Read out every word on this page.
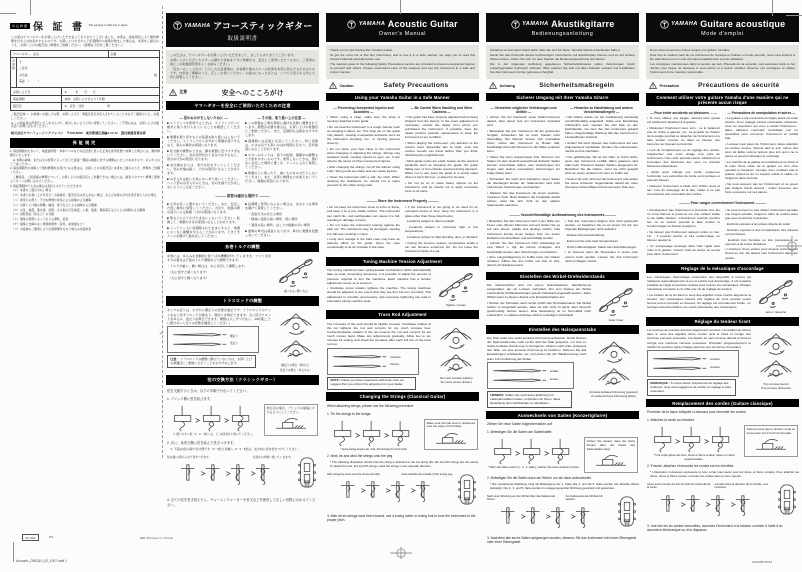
持込修理 保 証 書 This warranty is valid only in Japan.

この度はヤマハギターをお買い上げいただきましてありがとうございました。本書は、保証規定により無料修理を行なうお約束をするものです。お買い上げの日から下記期間中に故障が発生した場合は、本書をご提示のうえ、お買い上げの販売店に修理をご依頼ください。（詳細は下記をご覧ください。）

ヤマハギター　品名	品番
お客様	〒
ご住所
お名前	様
電話　（　　　）
お買い上げ日	※　　　年　　月　　日
保証期間	本体：お買い上げ日より１年間
販売店	※　店名・住所　　　　　　　　㊞

ご販売店様へ：お客様へお渡しする際、お買い上げ日・貴販売店名が記入されていることを必ずご確認のうえ、お渡しください。

※ この保証書は再発行いたしませんので、紛失しないよう大切に保管してください。ご不明の点は、お買い上げの販売店へお問い合わせください。

株式会社ヤマハミュージックジャパン　〒108-8568　東京都港区高輪2-17-11　国内楽器営業本部

保証規定

1. 保証期間内において、取扱説明書・本体ラベルなどの注意書に従った正常な使用状態で故障した場合には、無料修理をいたします。

　※ 本器の故障、またはその使用によって生じた直接・間接の損害に対する補償はいたしかねますので、あらかじめご了承ください。

2. 保証期間内に故障して無料修理をお受けになる場合は、お買い上げの販売店に本書をご提示のうえ、修理をご依頼ください。

　ご贈答品、ご転居後の修理について、お買い上げの販売店にご依頼できない場合には、最寄りのヤマハ修理ご相談センターへお問い合わせください。

3. 保証期間内でも次の場合は有料とさせていただきます。

　（イ）本書のご提示がない場合

　（ロ）本書にお買い上げ年月日・お客様名・販売店名の記入がない場合、および本書の字句を書き替えられた場合

　（ハ）使用上の誤り、不当な修理や改造による故障および損傷

　（ニ）お買い上げ後の移動、輸送、落下などによる故障および損傷

　（ホ）火災、地震、風水害、落雷、その他の天災地変、公害、塩害、異常電圧などによる故障および損傷

　（ヘ）消耗部品（弦など）の交換

　（ト）通常の使用によって生じる摩耗、変色

　（チ）演奏に支障のない感覚的現象（音色、塗装面など）

　（リ）お客様のご要望により出張修理を行なう場合の出張料金

YAMAHA アコースティックギター
取扱説明書

このたびは、ヤマハギターをお買い上げいただきまして、まことにありがとうございます。

お買い上げいただいたギターの優れた性能を十分に発揮させ、安全にご使用いただくために、ご使用の前にこの取扱説明書をよくお読みください。

「安全へのこころがけ」に示した注意事項は、お客様や他の人々への危害を未然に防止するためのものです。内容をご理解のうえ、正しくお使いください。お読みになったあとは、いつでも見られる所に大切に保管してください。

注意	安全へのこころがけ
ヤマハギターを安全にご使用いただくための注意
— 思わぬけがをしないために —

■ ストラップを使用するときは、ストラップピンに確実に取り付けられていることを確認してください。

■ 楽器を振り回すなどの乱暴な取り扱いはしないでください。ストラップピンが外れて楽器が落下するなど、思わぬ事故の原因になります。

■ 弦交換や調整のときは、顔を楽器に近づけすぎないでください。弦が突然切れて目をけがするなど、思わぬけがの原因になります。

■ 弦交換のあとは、余分な弦をカットしてください。弦の先端は鋭く、けがの原因になることがあります。

■ お手入れは乾いた柔らかい布で拭いてください。ヘッド部のお手入れのときは、弦の先端でけがをしないようにご注意ください。

— その他、取り扱い上の注意 —

■ この楽器は工場出荷時に適切な状態に調整されています。調整が必要な場合は、お買い上げの楽器店にご相談ください。また、定期的な点検をおすすめします。

■ 演奏時には音量に注意してください。特に夜間は、小さな音でも思いのほか周囲に伝わり、近所迷惑になることがあります。

■ ギターのネックは、落下や転倒、運搬中の衝撃などで折れやすいものです。使用しないときは、倒れない安定した場所に置くか、ケースに入れて保管してください。

■ 楽器の上に乗ったり、重いものをのせたりしないでください。また、各部に無理な力を加えないでください。破損の原因になります。

——— 保管は適切な場所で ———

■ 火気の近くに置かないでください。また、安定した低い場所に保管してください。火災や、地震の際の落下による破損・けがの原因になります。

■ 壁などに立てかけたままにしないでください。転倒して、破損やけがの原因になることがあります。

■ ハードケースに長期間入れたままにすると、楽器によくない影響を与えることがあります。ときどきケースを開けて換気をしてください。

■ 長期間ご使用にならない場合は、次のような場所を避けて保管してください。

　・直射日光のあたる場所

　・極端に温度の高い場所、低い場所

　・湿度の高い場所、ほこりや振動の多い場所

■ 夏場の車内は高温になります。車内に楽器を放置しないでください。

糸巻トルクの調整

糸巻には、ゆるみを自動的に防ぐばね機構が付いていますが、ツマミを回す力の強さは下図のトルク調整ねじで調整できます。

・トルクが重い、軽い場合は、ねじを回して調整します。

　（右に回すと重くなります）

　（左に回すと軽くなります）

重くなる / 軽くなる
トラスロッドの調整

ネックの反りは、わずかに順反りの状態が適正です。トラスロッドのナットを右に回すとロッドが締まり、順反りを修正できます。左に回すとロッドがゆるみ、逆反りを修正できます。調整は少しずつ行ない、1/4回転ごとに数分おいて反りの状態を確認してください。

順反り
逆反り
注意： トラスロッドの調整に慣れていない方は、お買い上げの楽器店にご相談いただくことをおすすめします。
順反りの場合（締める）
逆反りの場合（ゆるめる）
弦の交換方法（クラシックギター）

弦を交換するときは、以下の手順で行なってください。

1. ブリッジ側に弦を結びます。

＊ 滑りやすい弦（1・2・3弦）は、もう1回余分に巻いてください。

結び目の端が、ブリッジの後端にかかるようにしてください。

2. 次に、糸巻き側に弦を結んで巻きつけます。

＊ 下図は1弦の取り付け例です（4・6弦も同様）。2・3・5弦は、逆方向に弦を巻きつけてください。

弦の端に1回からめて巻きつけます。	糸巻きの外側へ巻いていきます。

4. 全ての弦を巻き終えたら、チューニングメーターや音叉などを使用して正しい音程に合わせてください。

YAMAHA Acoustic Guitar
Owner's Manual

Thank you for purchasing this Yamaha Guitar.

To get the most out of this fine instrument, and to use it in a safe manner, we urge you to read this Owner's Manual carefully before use.

The cautions given in the following Safety Precautions section are provided to prevent unexpected injuries to yourself and others. Please understand each of the cautions and use the instrument in a safe and proper manner.

Caution	Safety Precautions
Using your Yamaha Guitar in a Safe Manner
— Preventing Unexpected Injuries and Accidents —

• When using a strap, make sure the strap is securely attached to the guitar.

• Do not treat the instrument in a rough manner such as swinging it about, etc. The strap pin on the guitar may detach, causing unexpected accidents such as the instrument dropping, etc., or injuring persons close by.

• Do not place your face close to the instrument when changing or adjusting the strings. Strings may suddenly break, causing injuries to eyes, etc. It can also be the cause of other unexpected injuries.

• After changing the strings, cut off the leftover string ends. String ends are sharp and can cause injuries.

• Clean the instrument with a soft, dry cloth. When cleaning the headstock, be careful not to injure yourself on the sharp string ends.

— Be Careful When Handling and Other Cautions —

• The guitar has been properly adjusted before being shipped from the factory. In the event adjustment is necessary, contact the dealer from whom you purchased the instrument. If possible, have the dealer perform periodic maintenance to keep the instrument in top condition.

• When playing the instrument, pay attention to the volume level. Especially late at night, even low volume sounds can travel farther than you think, disturbing the neighborhood.

• Most guitar necks are easily broken as the result of accidents such as dropping the guitar, the guitar falling over, or from shocks received during transport. When not in use, keep the guitar in a sturdy stand where it won't fall over, or placed in its case.

• Do not sit on or place heavy objects on the instrument, and be careful not to apply excessive force to its parts.

——— Store the Instrument Properly ———

• Do not keep the instrument close to a fire or flame, and keep it on a low, stable surface. The instrument can catch fire, and earthquakes can cause it to fall, resulting in damage or injury.

• Do not leave the instrument leaning against the wall, etc. The instrument may be damaged, causing it to fall over resulting in injury.

• Long term storage in the hard case may have an adverse effect on the guitar. Open the case occasionally to let air circulate in the case.

• If the instrument is not going to be used for an extended period of time, keep the instrument in a place other than those listed below:

· Locations subject to direct sunlight

· Locations subject to extremely high or low temperatures

· Locations subject to high humidity, dust, or vibration

• During the summer season, temperature inside a car can become extremely hot. Do not leave the instrument inside of a car.

Tuning Machine Tension Adjustment

The tuning machines have spring-loaded mechanisms which automatically take up wear, preventing looseness. It is possible to adjust the amount of pressure required to turn the machines. Each machine has a tension adjustment screw, as is common.

• Clockwise screw rotation tightens the machine. The tuning machines should be adjusted to the extent that they are firm but turn smoothly. This adjustment is normally unnecessary, and excessive tightening can lead to premature tuning machine wear.

Tighten / Loosen
Truss Rod Adjustment

The curvature of the neck should be slightly concave. Clockwise rotation of the nut tightens the rod and corrects for too much concave bow. Counterclockwise rotation of the nut loosens the rod and corrects for too much convex bend. Make any adjustments gradually. Allow two to ten minutes for setting, and check the curvature after each 1/4 turn of the truss rod nut.

Concave
Convex
NOTE: Unless you have experience with truss rods, we suggest that you entrust this adjustment to your dealer.
Too much concave (tighten)
Too much convex (loosen)
Changing the Strings (Classical Guitar)

When attaching strings, please use the following procedure.

1. Tie the strings to the bridge.

* Extra string wraps (1st, 2nd, 3rd strings) for extra hold.

Make sure the last knot is positioned over the edge of the bridge.

2. Next, tie and wind the strings onto the peg.

* The following illustration shows how the string is attached to the 1st string (the 4th and 6th strings are the same). To attach the 2nd, 3rd and 5th strings, wind the strings in the opposite direction.

After wrapping once over the string end side,	wrap towards the outside of the tuning peg.

3. After all six strings have been wound, use a tuning meter or tuning fork to tune the instrument to the proper pitch.

YAMAHA Akustikgitarre
Bedienungsanleitung

Zunächst einmal vielen Dank dafür, dass Sie sich für diese Yamaha Gitarre entschieden haben.

Damit Sie das Potenzial dieses hochwertigen Instruments voll ausschöpfen können und es auf sichere Weise nutzen, sollten Sie sich vor dem Spielen die Bedienungsanleitung durchlesen.

Die in der folgenden Auflistung gegebenen Sicherheitshinweise sollen Verletzungen durch unsachgemäßen Gebrauch verhüten. Bitte machen Sie sich mit allen Punkten vertraut und handhaben Sie das Instrument mit der gebotenen Sorgfalt.

Achtung	Sicherheitsmaßregeln
Sicherer Umgang mit Ihrer Yamaha Gitarre
— Vermeiden möglicher Verletzungen und Unfälle —

• Achten Sie bei Gebrauch eines Gitarrenriemens darauf, dass dieser fest am Instrument verankert wird.

• Behandeln Sie das Instrument mit der gebotenen Sorgfalt, schwenken Sie es beim Spielen nicht übermäßig. Der Riemen könnte sich unerwartet lösen, wobei das Instrument zu Boden fällt, beschädigt wird oder Personen in der Nähe verletzen kann.

• Halten Sie beim Auswechseln bzw. Stimmen von Saiten mit dem Gesicht ausreichend Abstand. Saiten können unvermittelt reißen, was Verletzungen der Augen oder andere unerwartete Verletzungen zur Folge haben kann.

• Schneiden Sie nach dem Aufziehen neuer Saiten die überlangen Enden ab. Saitenenden sind spitz und können Verletzungen verursachen.

• Säubern Sie das Instrument mit einem weichen, trockenen Tuch. Beim Säubern der Kopfplatte darauf achten, dass Sie sich nicht an den spitzen Saitenenden verletzen.

— Hinweise zu Handhabung und andere Vorsichtsmaßregeln —

• Die Gitarre wurde vor der Auslieferung werkseitig vorschriftsmäßig eingestellt. Sollte eine Einstellung erforderlich sein, wenden Sie sich bitte an den Fachhändler, bei dem Sie das Instrument gekauft haben. Regelmäßige Wartung hält das Instrument in einwandfreiem Zustand.

• Achten Sie beim Spielen des Instruments auf eine angemessene Lautstärke. Denken Sie insbesondere nachts an Ihre Nachbarn.

• Der gefährdetste Teil ist der Hals: er bricht leicht, wenn das Instrument umfällt, fallen gelassen wird oder beim Transport starken Stößen ausgesetzt ist. Bewahren Sie die Gitarre, wenn sie nicht gespielt wird, an einem sicheren Ort oder im Koffer auf.

• Setzen Sie sich nicht auf das Instrument und stellen Sie keine schweren Gegenstände darauf ab; üben Sie keinen übermäßigen Druck auf seine Teile aus.

——— Vorschriftsmäßige Aufbewahrung des Instruments ———

• Bewahren Sie das Instrument nicht in der Nähe von Feuer oder offenen Flammen auf und stellen Sie es auf eine ebene, stabile und niedrige Fläche. Das Instrument könnte Feuer fangen bzw. bei einem Erdbeben herunterfallen und beschädigt werden.

• Lehnen Sie das Instrument nicht unbefestigt an eine Wand o. dgl. Es könnte umkippen und beschädigt werden oder Verletzungen verursachen.

• Eine Langzeitlagerung im Koffer kann der Gitarre schaden. Öffnen Sie den Koffer von Zeit zu Zeit, damit Luft zirkulieren kann.

• Soll das Instrument längere Zeit nicht gebraucht werden, so bewahren Sie es an einem Ort auf, der folgende Bedingungen nicht aufweist:

· Direkte Sonnenbestrahlung

· Extrem hohe oder tiefe Temperaturen

· Hohe Luftfeuchtigkeit, Staub oder Erschütterungen

• Im Sommer kann die Temperatur in einem Auto extrem hoch werden. Lassen Sie das Instrument nicht im Wagen zurück.

Einstellen des Wirbel-Drehwiderstands

Die Gitarrenwirbel sind mit einem federbelasteten Mechanismus ausgestattet, der ein Lockern verhindert. Der zum Drehen der Wirbel erforderliche Kraftaufwand kann jedoch individuell eingestellt werden. Jeder Wirbel weist zu diesem Zweck eine Einstellschraube auf.

• Drehen der Schraube nach rechts erhöht den Drehwiderstand. Die Wirbel sollten so eingestellt werden, dass sie sich nicht zu leicht, aber dennoch geschmeidig drehen lassen. Eine Einstellung ist im Normalfall nicht erforderlich; zu starkes Anziehen fördert vorzeitigen Verschleiß.

fester / loser
Einstellen des Halsspannstabs

Der Hals sollte eine leicht konkave Krümmung aufweisen. Durch Drehen der Spannstabmutter nach rechts wird der Stab gespannt, um eine zu starke konkave Krümmung zu korrigieren. Drehen nach links entspannt den Stab, um eine konvexe Krümmung zu beheben. Nehmen Sie alle Einstellungen schrittweise vor, und prüfen Sie die Halskrümmung nach jeder 1/4-Umdrehung der Mutter.

konkav
konvex
HINWEIS: Sollten Sie noch keine Erfahrung mit Halsspannstäben haben, empfehlen wir Ihnen, diese Einstellung dem Fachhändler zu überlassen.
Zu starke konkave Krümmung (spannen)
Zu starke konvexe Krümmung (lösen)
Auswechseln von Saiten (Konzertgitarre)

Ziehen Sie neue Saiten folgendermaßen auf:

1. Befestigen Sie die Saiten am Saitenhalter.

* Wenn die Saite rutscht (1., 2., 3. Saite), machen Sie einen weiteren Knoten.

Achten Sie darauf, dass der letzte Knoten über der Kante des Saitenhalters liegt.

2. Befestigen Sie die Saiten dann am Wirbel, um sie dann aufzuwickeln.

* Die vorstehende Abbildung zeigt die Befestigung der 1. Saite (die 4. und die 6. Saite werden auf dieselbe Weise befestigt). Die 2., 3. und 5. Saite werden in entgegengesetzter Richtung gewickelt und gewunden.

Nach einer Windung um den Wirbel über das Saitenende führen.
Zur Außenseite des Wirbels hin wickeln.

3. Nachdem alle sechs Saiten aufgezogen wurden, stimmen Sie das Instrument mit einem Stimmgerät oder einer Stimmgabel.

YAMAHA Guitare acoustique
Mode d'emploi

Nous vous remercions d'avoir acquis une guitare Yamaha.

Pour tirer le meilleur parti de cet instrument de musique et l'utiliser en toute sécurité, nous vous invitons à lire attentivement ce mode d'emploi préalablement à toute utilisation.

Les consignes mentionnées dans la section qui suit, Précautions de sécurité, sont avancées dans le but d'éviter tout risque de blessure à vous-même et à autrui. Veuillez observer ces consignes et utiliser l'instrument d'une manière raisonnable.

Précaution	Précautions de sécurité
Comment utiliser votre guitare Yamaha d'une manière qui ne présente aucun risque
— Pour éviter accidents ou blessures ... —

• Si vous utilisez une sangle, assurez-vous qu'elle est solidement attachée à la guitare.

• Manipulez l'instrument avec soin ; ne le balancez pas de droite à gauche, etc. La goupille de fixation de la sangle pourrait se détacher de l'instrument et le faire tomber, heurter un objet ou blesser une personne se trouvant à proximité.

• Lors du remplacement ou du réglage des cordes, n'approchez pas votre visage trop près de l'instrument. Une corde pourrait casser subitement et provoquer des blessures aux yeux ou d'autres blessures inattendues.

• Après avoir changé une corde, coupez-en l'extrémité. Les extrémités de corde sont pointues et peuvent blesser.

• Nettoyez l'instrument à l'aide d'un chiffon doux et sec. Lors du nettoyage de la tête, veillez à ne pas vous blesser aux extrémités des cordes.

— Précautions de manipulation et autres —

• La guitare a été correctement réglée avant sa sortie d'usine. Si un réglage s'avère nécessaire, adressez-vous au revendeur qui vous a vendu l'instrument ; faites effectuer l'entretien périodique par un spécialiste pour conserver l'instrument en parfait état.

• Lorsque vous jouez de l'instrument, faites attention au volume sonore. Surtout tard le soir, même des sons de faible volume portent plus loin qu'on ne le pense et peuvent déranger le voisinage.

• Le manche de la guitare peut facilement se briser à la suite d'une chute de la guitare ou d'un choc pendant le transport. Lorsque vous n'utilisez pas la guitare, placez-la sur un support solide et stable, ou rangez-la dans sa boîte.

• Ne vous asseyez pas sur l'instrument et ne posez pas d'objets lourds dessus ; évitez d'exercer une force excessive sur ses pièces.

——— Pour ranger correctement l'instrument ———

• N'entreposez pas l'instrument à proximité d'un feu ou d'une flamme et posez-le sur une surface stable et de faible hauteur. L'instrument pourrait prendre feu, ou un séisme pourrait le faire tomber et l'endommager ou blesser quelqu'un.

• Ne laissez pas l'instrument appuyé contre un mur, etc. ; il pourrait tomber et être endommagé, ou blesser quelqu'un.

• Un entreposage prolongé dans l'étui rigide peut nuire à la guitare. Ouvrez l'étui de temps en temps pour aérer l'instrument.

• Si vous pensez ne pas utiliser l'instrument pendant une longue période, rangez-le dans un endroit autre que ceux énumérés ci-dessous :

· Endroits exposés à la lumière directe du soleil

· Endroits exposés à des températures très élevées ou très basses

· Endroits très humides ou très poussiéreux, ou exposés à de fortes vibrations

• L'intérieur d'une voiture peut devenir extrêmement chaud en été. Ne laissez pas l'instrument dans une voiture.

Réglage de la mécanique d'accordage

Les mécaniques d'accordage comportent des dispositifs à ressort qui rattrapent automatiquement le jeu et évitent tout desserrage. Il est toutefois possible de régler la pression requise pour tourner les mécaniques. Chaque mécanique comporte à cet effet une vis de réglage de tension.

• La rotation de la vis dans le sens des aiguilles d'une montre augmente la tension. Les mécaniques doivent être réglées de sorte qu'elles soient fermes tout en tournant en douceur. Ce réglage est normalement inutile ; un serrage excessif entraîne une usure prématurée des mécaniques.

serrer / desserrer
Réglage du tendeur tirant

La courbure du manche doit être légèrement concave. La rotation de l'écrou dans le sens des aiguilles d'une montre tend le tirant et corrige une courbure concave excessive. La rotation en sens inverse détend le tirant et corrige une courbure convexe excessive. Procédez progressivement et vérifiez la courbure après chaque quart de tour de l'écrou du tendeur.

concave
convexe
REMARQUE : À moins d'avoir l'expérience du réglage des tendeurs, nous vous suggérons de confier ce réglage à votre revendeur.
Trop concave (serrer)
Trop convexe (desserrer)
Remplacement des cordes (Guitare classique)

Procédez de la façon indiquée ci-dessous pour remonter les cordes.

1. Attachez la corde au chevalet.

* Si la corde glisse (les 1ère, 2ème et 3ème cordes), faites un nœud supplémentaire.

Assurez-vous que le dernier nœud se trouve bien sur le bord du chevalet.

2. Ensuite, attachez et enroulez les cordes sur les chevilles.

* L'illustration ci-dessous représente la 1ère corde (vaut aussi pour les 4ème et 6ème cordes). Pour attacher les 2ème, 3ème et 5ème cordes, enroulez les cordes dans le sens opposé.

Après avoir enroulé une fois du côté de l'extrémité de la corde,
enroulez dans la direction de la cheville, vers l'extérieur.

3. Une fois les six cordes remontées, accordez l'instrument à la hauteur correcte à l'aide d'un accordeur électronique ou d'un diapason.

✕
PU-110	PU	WD Printed in China
Acoustic_OM1110_02_1007.indd 1	12/07/05 15:41
